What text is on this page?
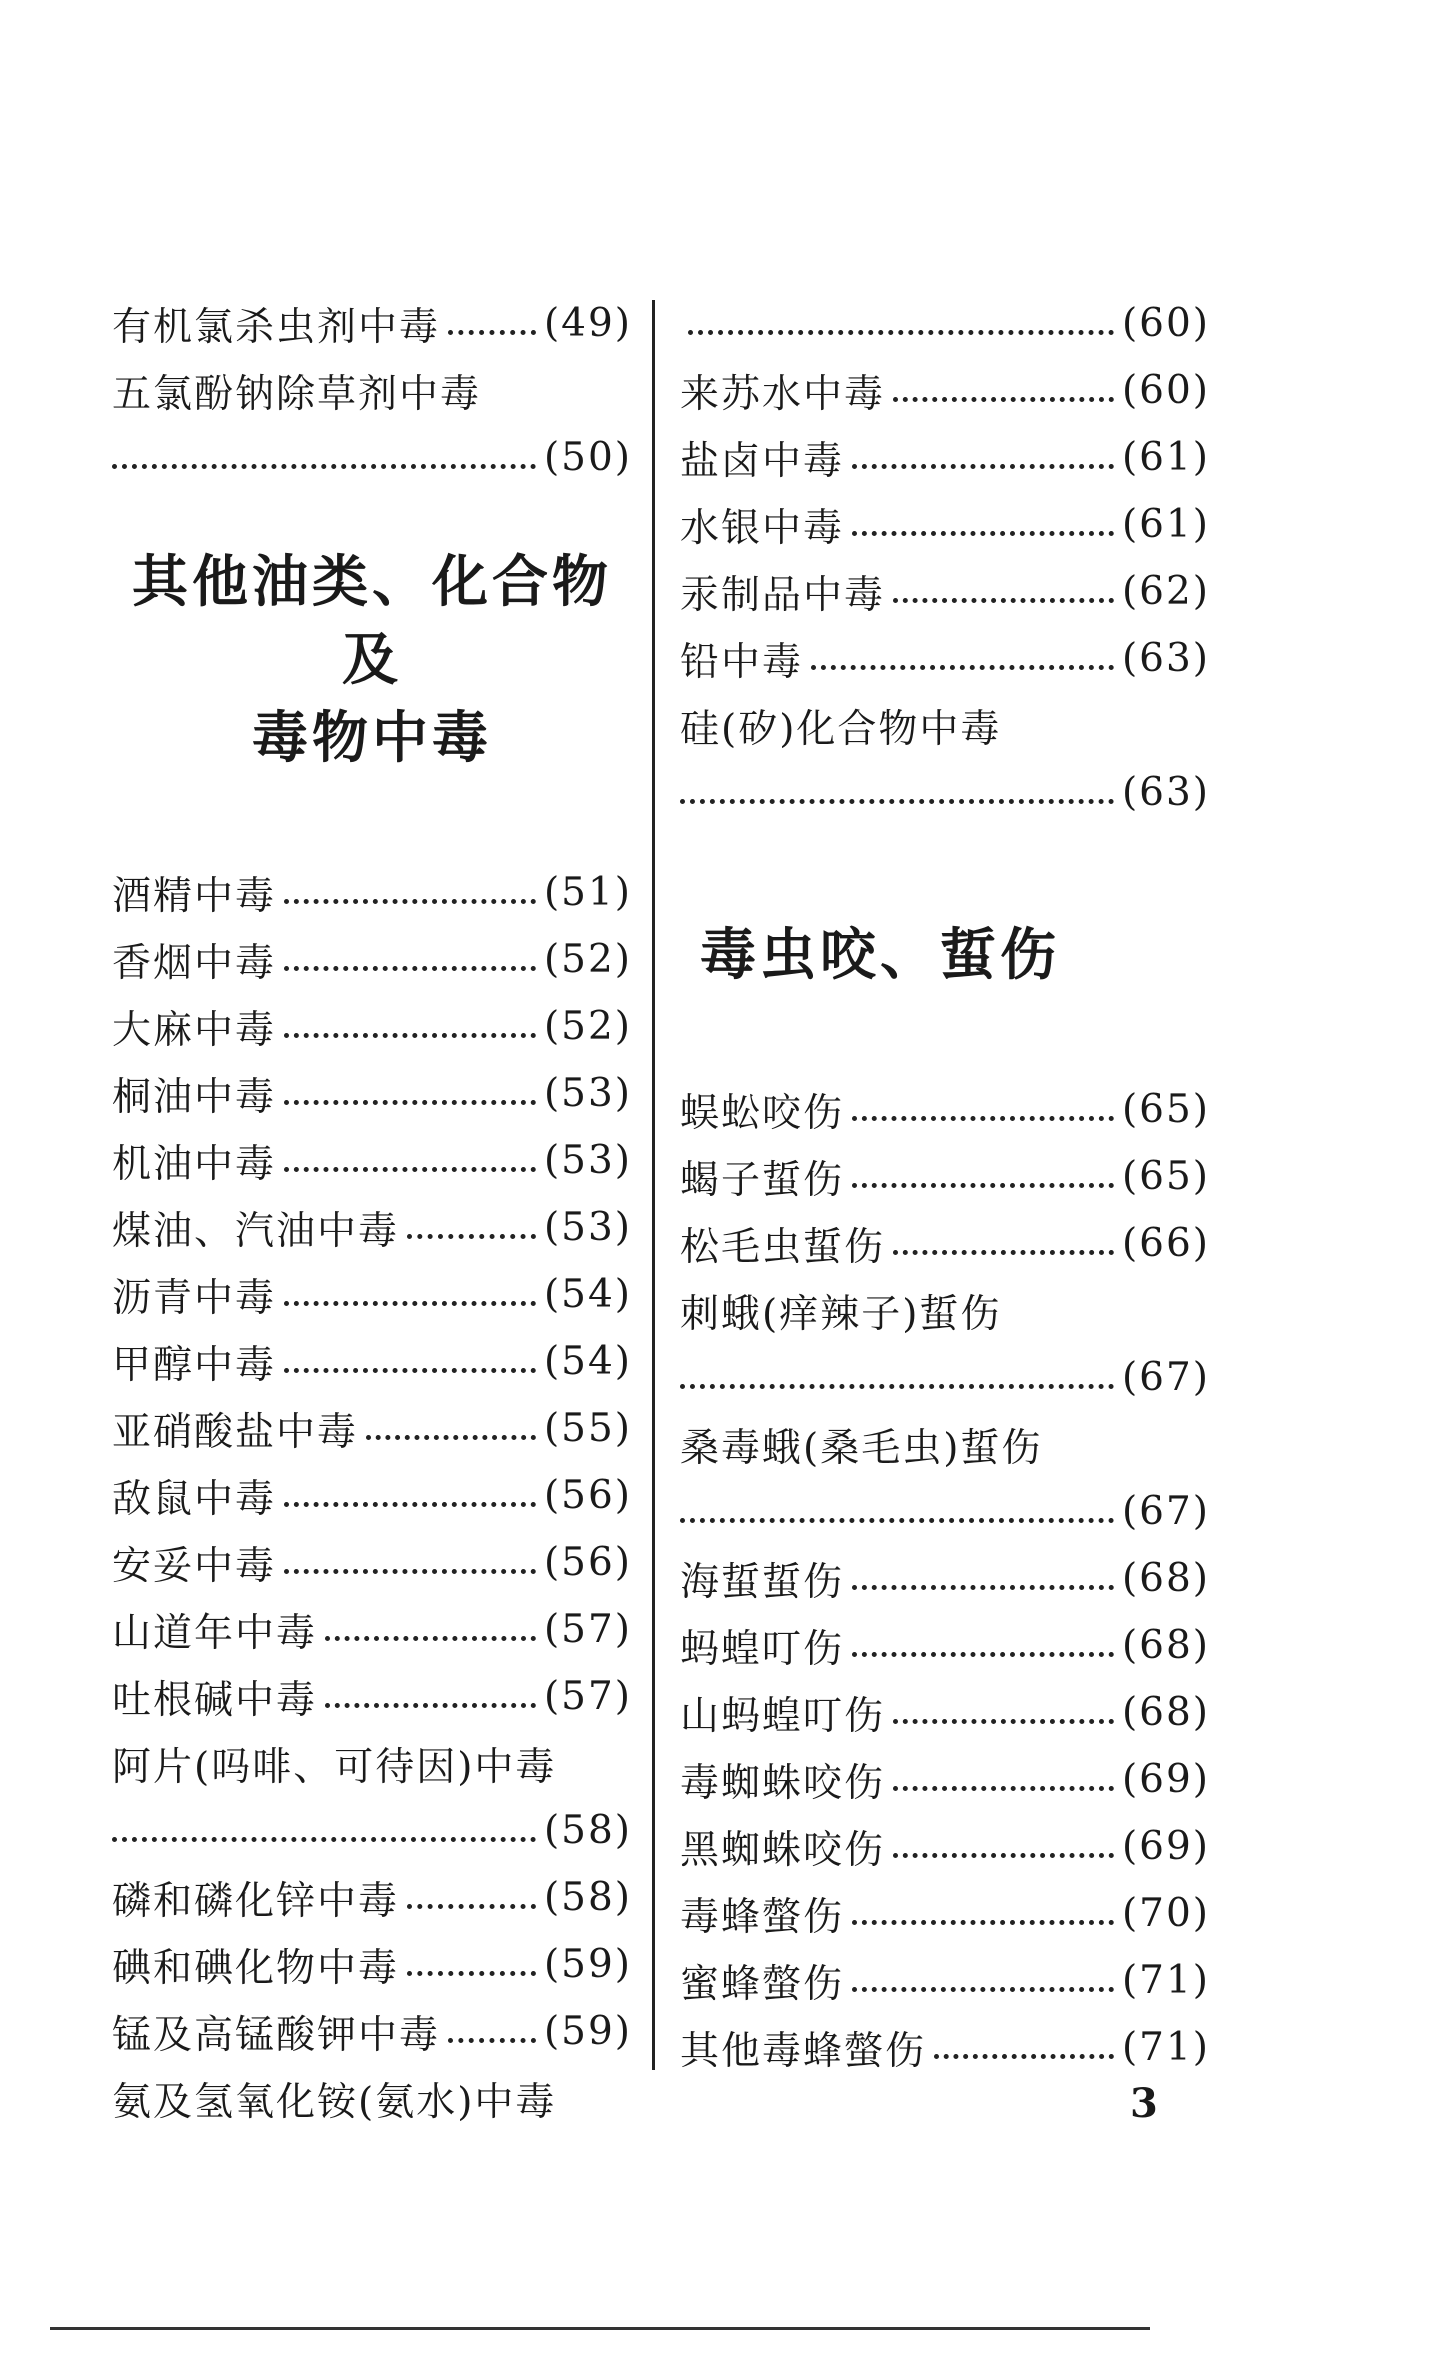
有机氯杀虫剂中毒	(49)
五氯酚钠除草剂中毒
(50)
其他油类、化合物及
毒物中毒
酒精中毒	(51)
香烟中毒	(52)
大麻中毒	(52)
桐油中毒	(53)
机油中毒	(53)
煤油、汽油中毒	(53)
沥青中毒	(54)
甲醇中毒	(54)
亚硝酸盐中毒	(55)
敌鼠中毒	(56)
安妥中毒	(56)
山道年中毒	(57)
吐根碱中毒	(57)
阿片(吗啡、可待因)中毒
(58)
磷和磷化锌中毒	(58)
碘和碘化物中毒	(59)
锰及高锰酸钾中毒	(59)
氨及氢氧化铵(氨水)中毒
(60)
来苏水中毒	(60)
盐卤中毒	(61)
水银中毒	(61)
汞制品中毒	(62)
铅中毒	(63)
硅(矽)化合物中毒
(63)
毒虫咬、蜇伤
蜈蚣咬伤	(65)
蝎子蜇伤	(65)
松毛虫蜇伤	(66)
刺蛾(痒辣子)蜇伤
(67)
桑毒蛾(桑毛虫)蜇伤
(67)
海蜇蜇伤	(68)
蚂蝗叮伤	(68)
山蚂蝗叮伤	(68)
毒蜘蛛咬伤	(69)
黑蜘蛛咬伤	(69)
毒蜂螫伤	(70)
蜜蜂螫伤	(71)
其他毒蜂螫伤	(71)
3
